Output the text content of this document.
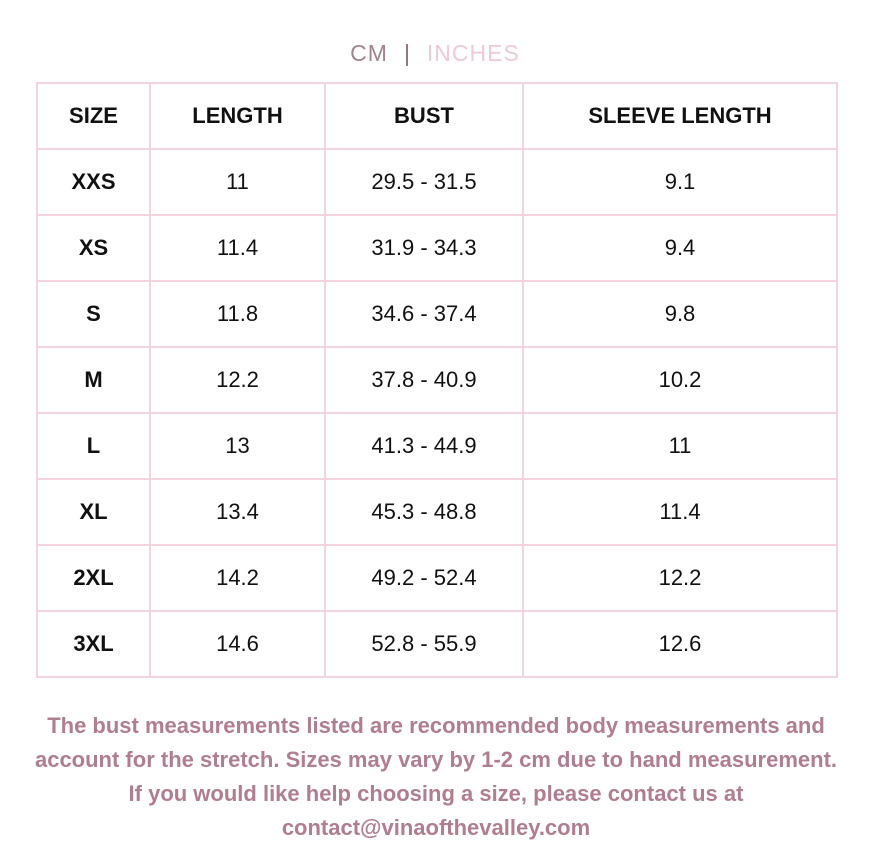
CM | INCHES
SIZE	LENGTH	BUST	SLEEVE LENGTH
XXS	11	29.5 - 31.5	9.1
XS	11.4	31.9 - 34.3	9.4
S	11.8	34.6 - 37.4	9.8
M	12.2	37.8 - 40.9	10.2
L	13	41.3 - 44.9	11
XL	13.4	45.3 - 48.8	11.4
2XL	14.2	49.2 - 52.4	12.2
3XL	14.6	52.8 - 55.9	12.6
The bust measurements listed are recommended body measurements and account for the stretch. Sizes may vary by 1-2 cm due to hand measurement. If you would like help choosing a size, please contact us at contact@vinaofthevalley.com
